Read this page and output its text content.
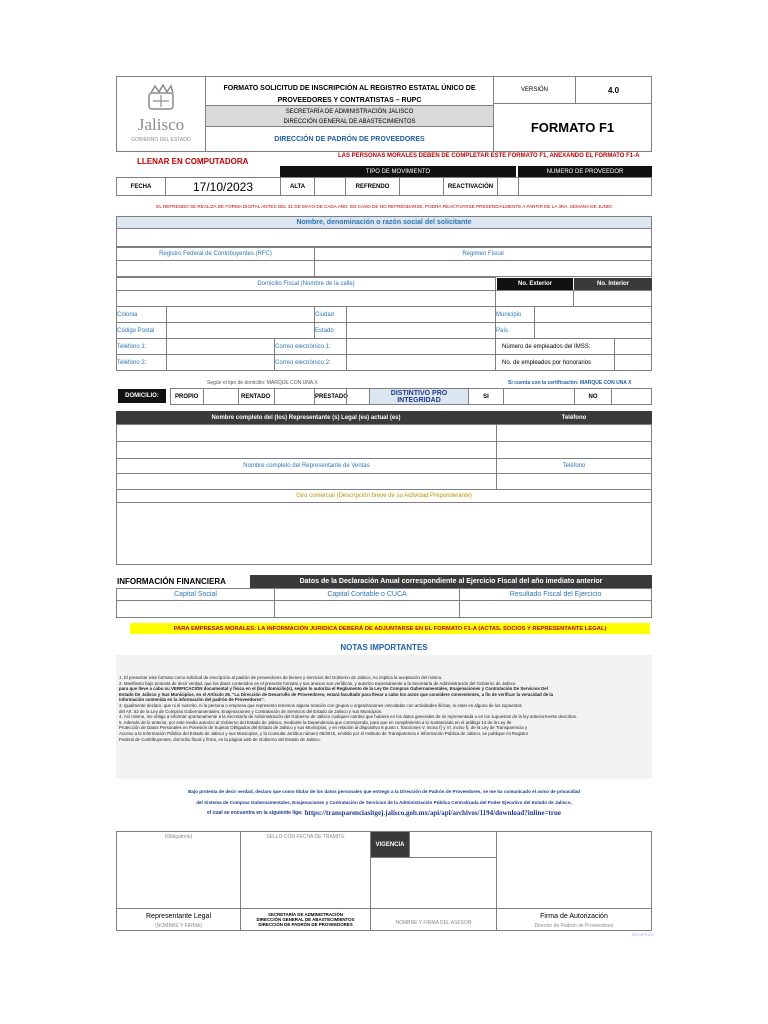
Jalisco
GOBIERNO DEL ESTADO
FORMATO SOLICITUD DE INSCRIPCIÓN AL REGISTRO ESTATAL ÚNICO DE
PROVEEDORES Y CONTRATISTAS – RUPC
SECRETARÍA DE ADMINISTRACIÓN JALISCO
DIRECCIÓN GENERAL DE ABASTECIMIENTOS
DIRECCIÓN DE PADRÓN DE PROVEEDORES
VERSIÓN	4.0
FORMATO F1
LLENAR EN COMPUTADORA
LAS PERSONAS MORALES DEBEN DE COMPLETAR ESTE FORMATO F1, ANEXANDO EL FORMATO F1-A
TIPO DE MOVIMIENTO	NUMERO DE PROVEEDOR
FECHA	17/10/2023	ALTA	REFRENDO	REACTIVACIÓN
EL REFRENDO SE REALIZA DE FORMA DIGITAL ANTES DEL 31 DE MAYO DE CADA AÑO. EN CASO DE NO REFRENDARSE, PODRÁ REACTIVARSE PRESENCIALMENTE A PARTIR DE LA 3RA. SEMANA DE JUNIO
Nombre, denominación o razón social del solicitante
Registro Federal de Contribuyentes (RFC)	Régimen Fiscal
Domicilio Fiscal (Nombre de la calle)	No. Exterior	No. Interior
Colonia	Ciudad	Municipio
Código Postal	Estado	País
Teléfono 1:	Correo electrónico 1:	Número de empleados del IMSS:
Teléfono 2:	Correo electrónico 2:	No. de empleados por honorarios
Según el tipo de domicilio: MARQUE CON UNA X	Si cuenta con la certificación: MARQUE CON UNA X
DOMICILIO:	PROPIO	RENTADO	PRESTADO	DISTINTIVO PRO INTEGRIDAD	SI	NO
Nombre completo del (los) Representante (s) Legal (es) actual (es)	Teléfono
Nombre completo del Representante de Ventas	Teléfono
Giro comercial (Descripción breve de su Actividad Preponderante)
INFORMACIÓN FINANCIERA	Datos de la Declaración Anual correspondiente al Ejercicio Fiscal del año imediato anterior
Capital Social	Capital Contable o CUCA	Resultado Fiscal del Ejercicio
PARA EMPRESAS MORALES: LA INFORMACIÓN JURIDICA DEBERÁ DE ADJUNTARSE EN EL FORMATO F1-A (ACTAS, SOCIOS Y REPRESENTANTE LEGAL)
NOTAS IMPORTANTES
1. El presentar este formato como solicitud de inscripción al padrón de proveedores de bienes y servicios del Gobierno de Jalisco, no implica la aceptación del mismo.
2. Manifiesto bajo protesta de decir verdad, que los datos contenidos en el presente formato y sus anexos son verídicos, y autorizo expresamente a la Secretaría de Administración del Gobierno de Jalisco
para que lleve a cabo su VERIFICACIÓN documental y física en el (los) domicilio(s), según lo autoriza el Reglamento de la Ley De Compras Gubernamentales, Enajenaciones y Contratación De Servicios Del
Estado De Jalisco y Sus Municipios, en el Artículo 26. "La Dirección de Desarrollo de Proveedores, estará facultado para llevar a cabo los actos que considere convenientes, a fin de verificar la veracidad de la
información contenida en la información del padrón de Proveedores".
3. Igualmente declaro, que ni el suscrito, ni la persona o empresa que represento tenemos alguna relación con grupos u organizaciones vinculadas con actividades ilícitas, ni estar en alguno de los supuestos
del Art. 52 de la Ley de Compras Gubernamentales, Enajenaciones y Contratación de Servicios del Estado de Jalisco y sus Municipios.
4. Así mismo, me obligo a informar oportunamente a la Secretaría de Administración del Gobierno de Jalisco cualquier cambio que hubiera en los datos generales de mi representada o en los supuestos de la ley anteriormente descritos.
5. Además de lo anterior, por este medio autorizo al Gobierno del Estado de Jalisco, mediante la Dependencia que corresponda, para que en cumplimiento a lo sustanciado en el arábigo 14 de la Ley de
Protección de Datos Personales en Posesión de Sujetos Obligados del Estado de Jalisco y sus Municipios, y en relación al dispositivo 8 punto I, fracciones V, inciso f) y VI, inciso f), de la Ley de Transparencia y
Acceso a la Información Pública del Estado de Jalisco y sus Municipios, y la Consulta Jurídica número 05/2015, emitido por el Instituto de Transparencia e Información Pública de Jalisco, se publique mi Registro
Federal de Contribuyentes, domicilio fiscal y firma, en la página web de Gobierno del Estado de Jalisco.
Bajo protesta de decir verdad, declaro que como titular de los datos personales que entrego a la Dirección de Padrón de Proveedores, se me ha comunicado el aviso de privacidad
del Sistema de Compras Gubernamentales, Enajenaciones y Contratación de Servicios de la Administración Pública Centralizada del Poder Ejecutivo del Estado de Jalisco,
el cual se encuentra en la siguiente liga: https://transparenciasitgej.jalisco.gob.mx/api/api/archivos/1194/download?inline=true
(Obligatorio)
Representante Legal
(NOMBRE Y FIRMA)
SELLO CON FECHA DE TRAMITE
SECRETARÍA DE ADMINISTRACIÓN
DIRECCIÓN GENERAL DE ABASTECIMIENTOS
DIRECCIÓN DE PADRÓN DE PROVEEDORES
VIGENCIA
NOMBRE Y FIRMA DEL ASESOR
Firma de Autorización
Director de Padrón de Proveedores
REV.CPP.001
